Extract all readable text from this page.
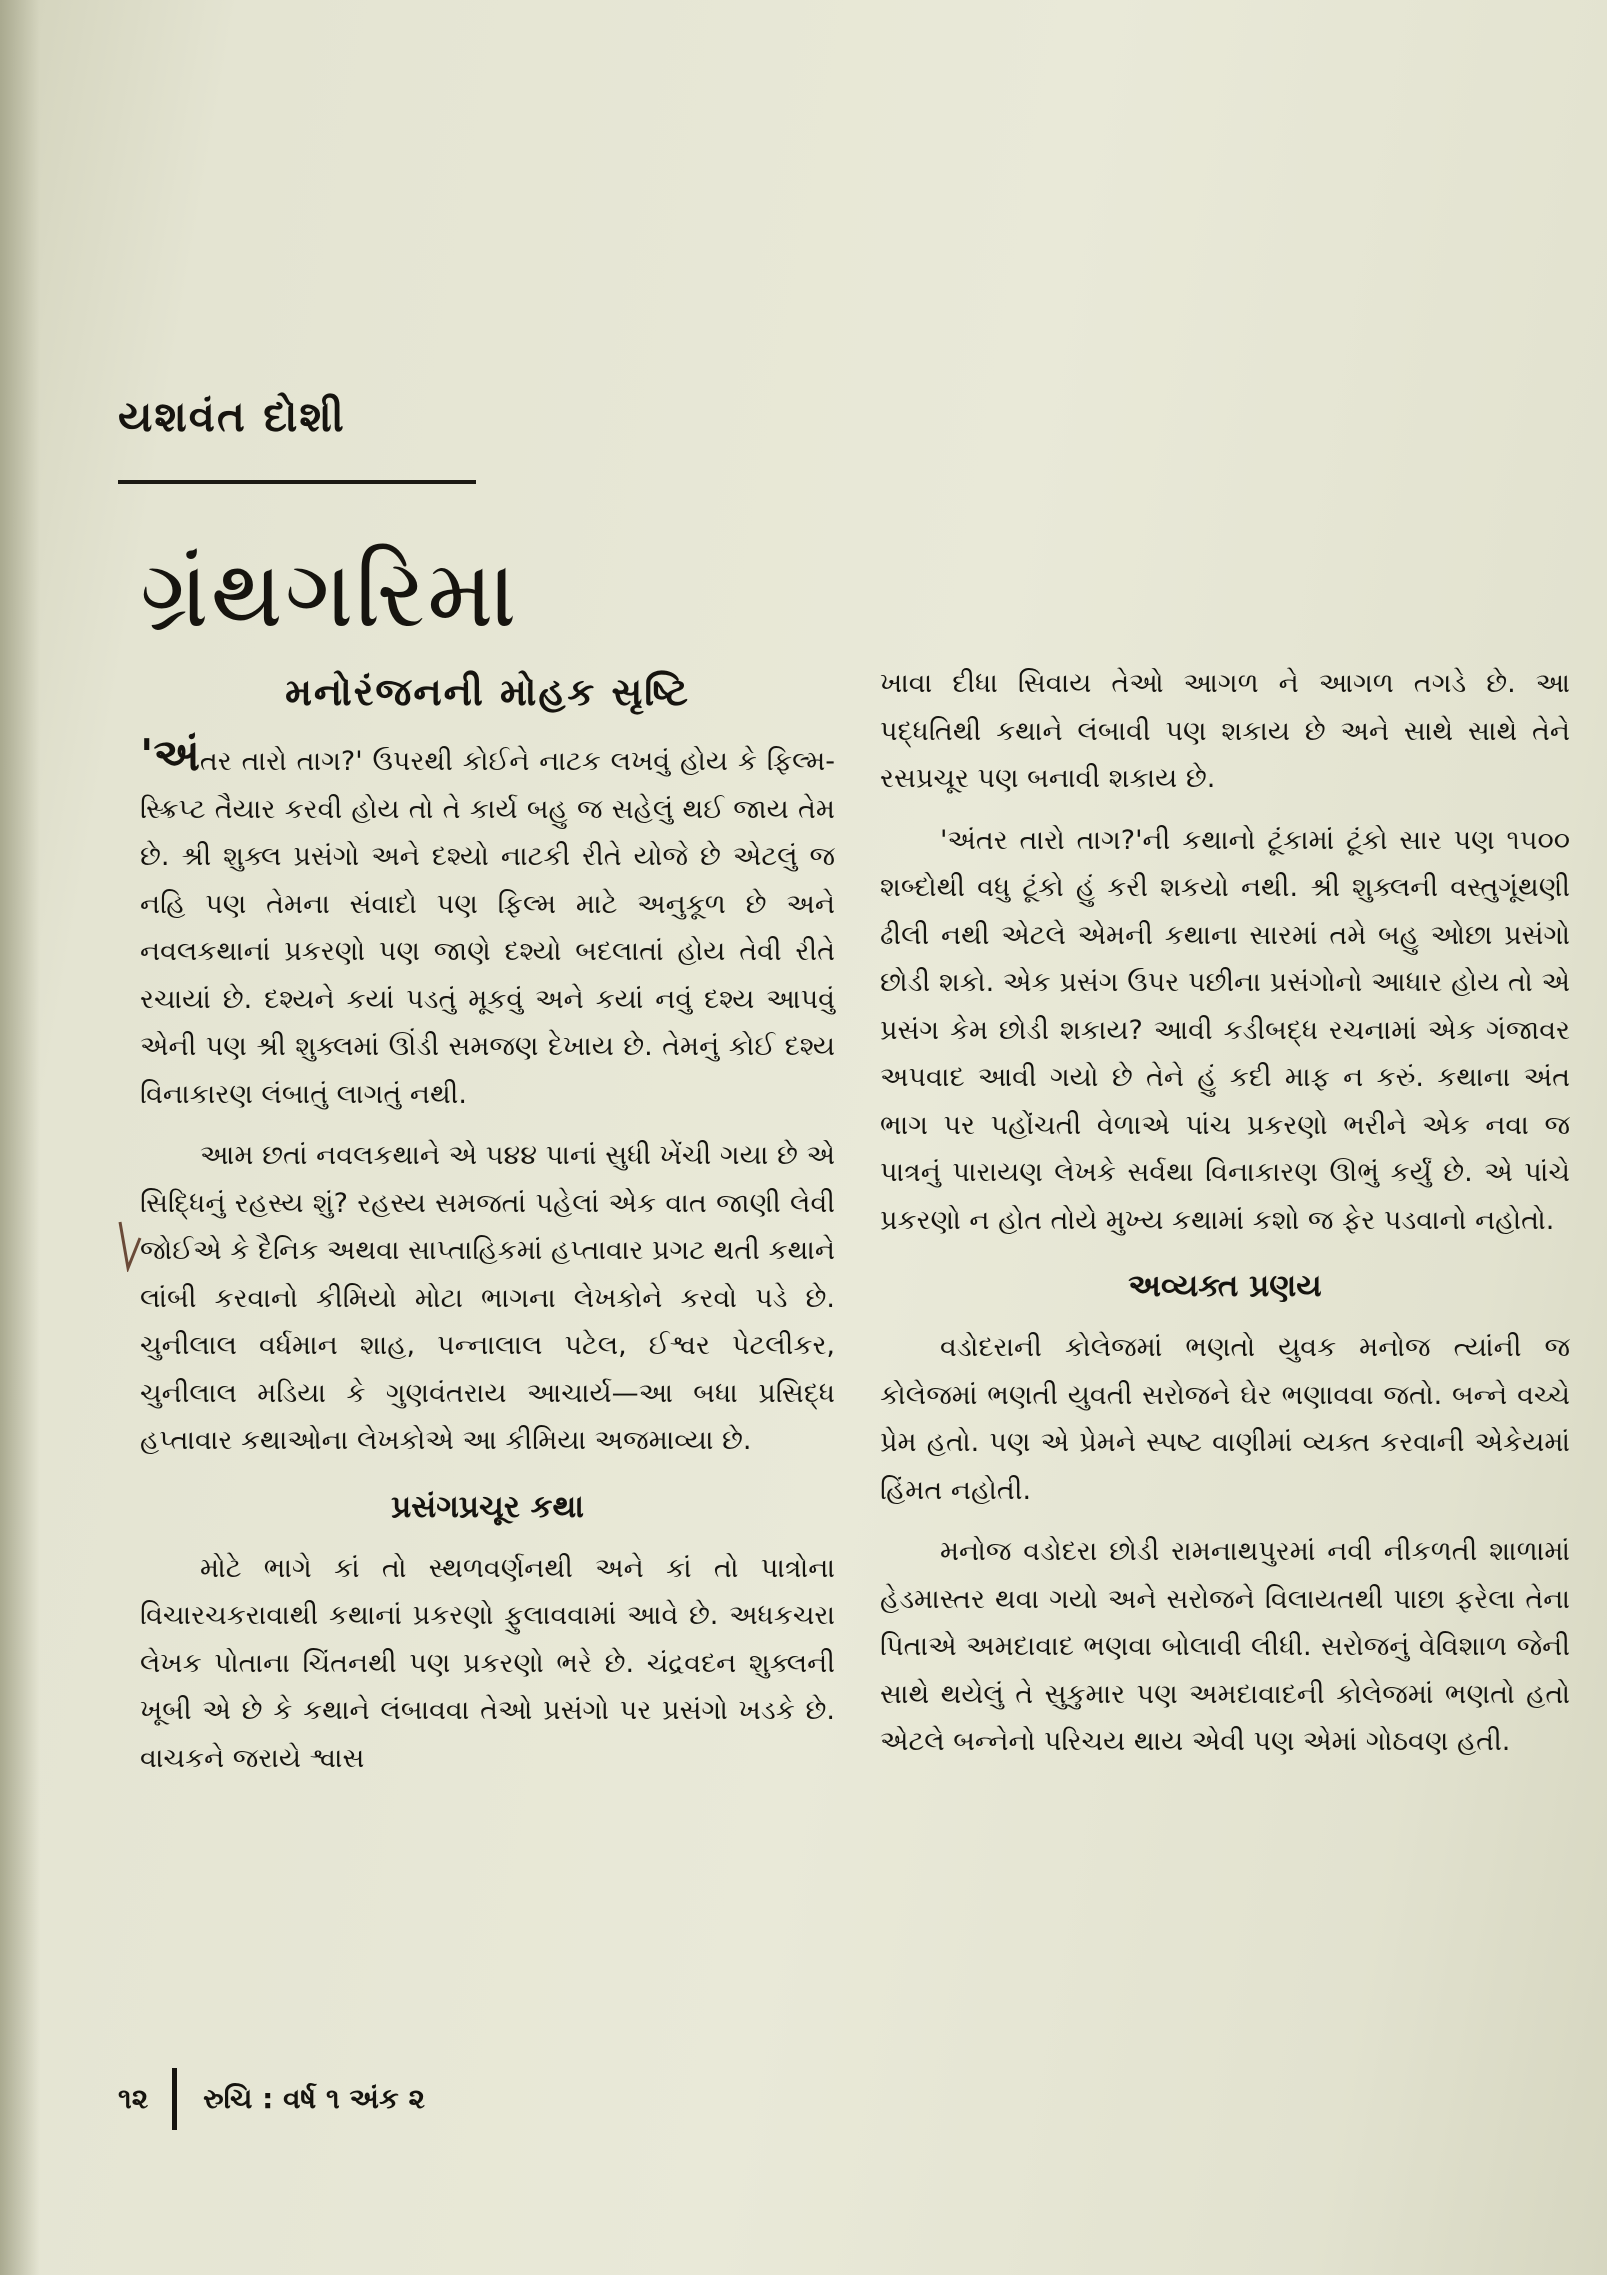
યશવંત દોશી
ગ્રંથગરિમા
મનોરંજનની મોહક સૃષ્ટિ

'અંતર તારો તાગ?' ઉપરથી કોઈને નાટક લખવું હોય કે ફિલ્મ-સ્ક્રિપ્ટ તૈયાર કરવી હોય તો તે કાર્ય બહુ જ સહેલું થઈ જાય તેમ છે. શ્રી શુક્લ પ્રસંગો અને દશ્યો નાટકી રીતે યોજે છે એટલું જ નહિ પણ તેમના સંવાદો પણ ફિલ્મ માટે અનુકૂળ છે અને નવલકથાનાં પ્રકરણો પણ જાણે દશ્યો બદલાતાં હોય તેવી રીતે રચાયાં છે. દશ્યને કયાં પડતું મૂકવું અને કયાં નવું દશ્ય આપવું એની પણ શ્રી શુક્લમાં ઊંડી સમજણ દેખાય છે. તેમનું કોઈ દશ્ય વિનાકારણ લંબાતું લાગતું નથી.

આમ છતાં નવલકથાને એ ૫૪૪ પાનાં સુધી ખેંચી ગયા છે એ સિદ્ધિનું રહસ્ય શું? રહસ્ય સમજતાં પહેલાં એક વાત જાણી લેવી જોઈએ કે દૈનિક અથવા સાપ્તાહિકમાં હપ્તાવાર પ્રગટ થતી કથાને લાંબી કરવાનો કીમિયો મોટા ભાગના લેખકોને કરવો પડે છે. ચુનીલાલ વર્ધમાન શાહ, પન્નાલાલ પટેલ, ઈશ્વર પેટલીકર, ચુનીલાલ મડિયા કે ગુણવંતરાય આચાર્ય—આ બધા પ્રસિદ્ધ હપ્તાવાર કથાઓના લેખકોએ આ કીમિયા અજમાવ્યા છે.

પ્રસંગપ્રચૂર કથા

મોટે ભાગે કાં તો સ્થળવર્ણનથી અને કાં તો પાત્રોના વિચારચકરાવાથી કથાનાં પ્રકરણો ફુલાવવામાં આવે છે. અધકચરા લેખક પોતાના ચિંતનથી પણ પ્રકરણો ભરે છે. ચંદ્રવદન શુક્લની ખૂબી એ છે કે કથાને લંબાવવા તેઓ પ્રસંગો પર પ્રસંગો ખડકે છે. વાચકને જરાયે શ્વાસ

ખાવા દીધા સિવાય તેઓ આગળ ને આગળ તગડે છે. આ પદ્ધતિથી કથાને લંબાવી પણ શકાય છે અને સાથે સાથે તેને રસપ્રચૂર પણ બનાવી શકાય છે.

'અંતર તારો તાગ?'ની કથાનો ટૂંકામાં ટૂંકો સાર પણ ૧૫૦૦ શબ્દોથી વધુ ટૂંકો હું કરી શકયો નથી. શ્રી શુક્લની વસ્તુગૂંથણી ઢીલી નથી એટલે એમની કથાના સારમાં તમે બહુ ઓછા પ્રસંગો છોડી શકો. એક પ્રસંગ ઉપર પછીના પ્રસંગોનો આધાર હોય તો એ પ્રસંગ કેમ છોડી શકાય? આવી કડીબદ્ધ રચનામાં એક ગંજાવર અપવાદ આવી ગયો છે તેને હું કદી માફ ન કરું. કથાના અંત ભાગ પર પહોંચતી વેળાએ પાંચ પ્રકરણો ભરીને એક નવા જ પાત્રનું પારાયણ લેખકે સર્વથા વિનાકારણ ઊભું કર્યું છે. એ પાંચે પ્રકરણો ન હોત તોયે મુખ્ય કથામાં કશો જ ફેર પડવાનો નહોતો.

અવ્યક્ત પ્રણય

વડોદરાની કોલેજમાં ભણતો યુવક મનોજ ત્યાંની જ કોલેજમાં ભણતી યુવતી સરોજને ઘેર ભણાવવા જતો. બન્ને વચ્ચે પ્રેમ હતો. પણ એ પ્રેમને સ્પષ્ટ વાણીમાં વ્યક્ત કરવાની એકેયમાં હિંમત નહોતી.

મનોજ વડોદરા છોડી રામનાથપુરમાં નવી નીકળતી શાળામાં હેડમાસ્તર થવા ગયો અને સરોજને વિલાયતથી પાછા ફરેલા તેના પિતાએ અમદાવાદ ભણવા બોલાવી લીધી. સરોજનું વેવિશાળ જેની સાથે થયેલું તે સુકુમાર પણ અમદાવાદની કોલેજમાં ભણતો હતો એટલે બન્નેનો પરિચય થાય એવી પણ એમાં ગોઠવણ હતી.

૧૨ રુચિ : વર્ષ ૧ અંક ૨
